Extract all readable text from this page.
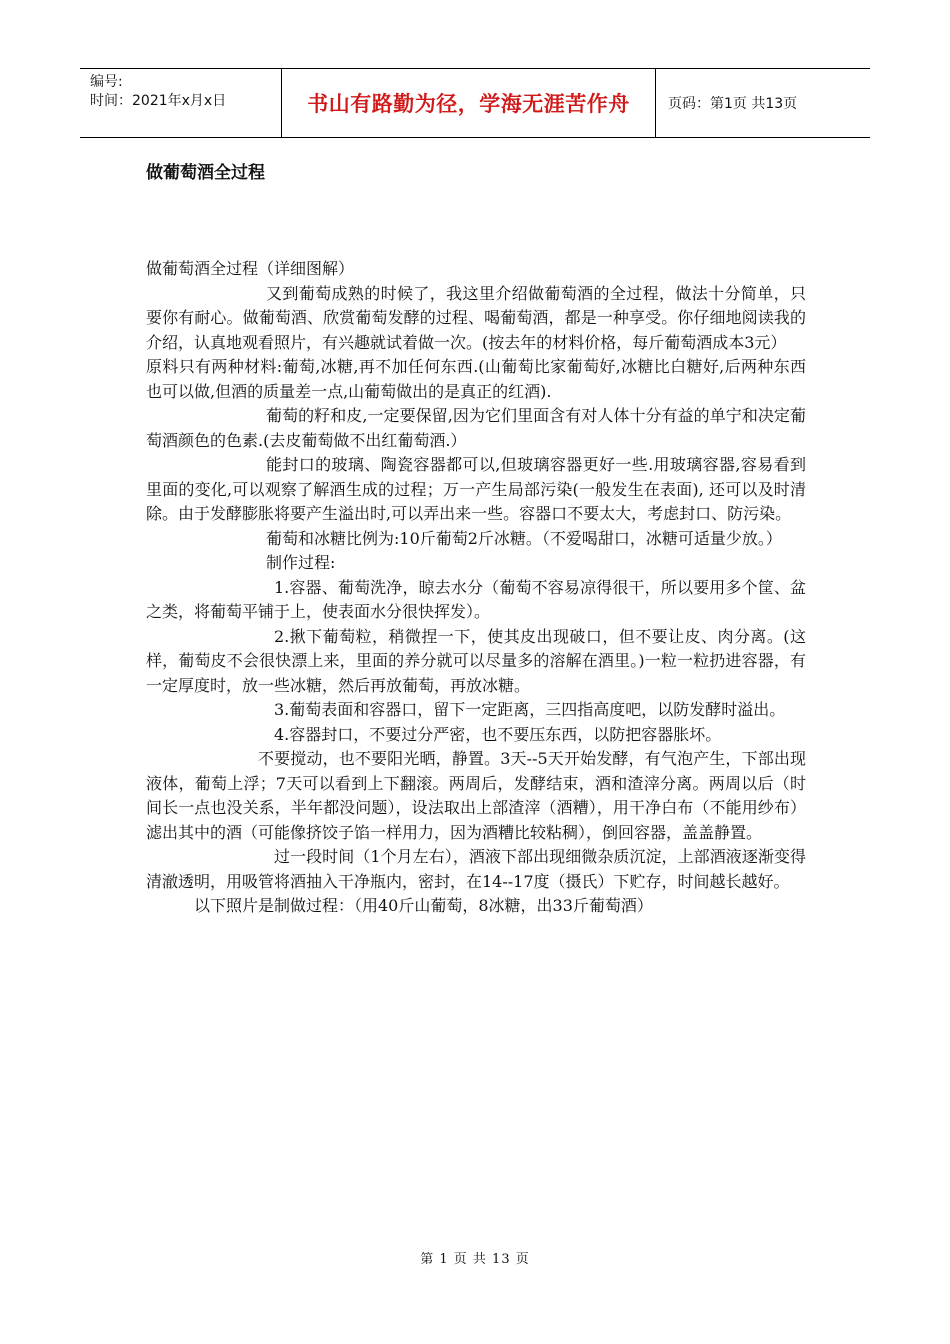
编号:
时间：2021年x月x日	书山有路勤为径，学海无涯苦作舟	页码：第1页 共13页
做葡萄酒全过程

做葡萄酒全过程（详细图解）

又到葡萄成熟的时候了，我这里介绍做葡萄酒的全过程，做法十分简单，只要你有耐心。做葡萄酒、欣赏葡萄发酵的过程、喝葡萄酒，都是一种享受。你仔细地阅读我的介绍，认真地观看照片，有兴趣就试着做一次。(按去年的材料价格，每斤葡萄酒成本3元）

原料只有两种材料:葡萄,冰糖,再不加任何东西.(山葡萄比家葡萄好,冰糖比白糖好,后两种东西也可以做,但酒的质量差一点,山葡萄做出的是真正的红酒).

葡萄的籽和皮,一定要保留,因为它们里面含有对人体十分有益的单宁和决定葡萄酒颜色的色素.(去皮葡萄做不出红葡萄酒.）

能封口的玻璃、陶瓷容器都可以,但玻璃容器更好一些.用玻璃容器,容易看到里面的变化,可以观察了解酒生成的过程；万一产生局部污染(一般发生在表面), 还可以及时清除。由于发酵膨胀将要产生溢出时,可以弄出来一些。容器口不要太大，考虑封口、防污染。

葡萄和冰糖比例为:10斤葡萄2斤冰糖。（不爱喝甜口，冰糖可适量少放。）

制作过程:

1.容器、葡萄洗净，晾去水分（葡萄不容易凉得很干，所以要用多个筐、盆之类，将葡萄平铺于上，使表面水分很快挥发）。

2.揪下葡萄粒，稍微捏一下，使其皮出现破口，但不要让皮、肉分离。(这样，葡萄皮不会很快漂上来，里面的养分就可以尽量多的溶解在酒里。)一粒一粒扔进容器，有一定厚度时，放一些冰糖，然后再放葡萄，再放冰糖。

3.葡萄表面和容器口，留下一定距离，三四指高度吧，以防发酵时溢出。

4.容器封口，不要过分严密，也不要压东西，以防把容器胀坏。

不要搅动，也不要阳光晒，静置。3天--5天开始发酵，有气泡产生，下部出现液体，葡萄上浮；7天可以看到上下翻滚。两周后，发酵结束，酒和渣滓分离。两周以后（时间长一点也没关系，半年都没问题），设法取出上部渣滓（酒糟），用干净白布（不能用纱布）滤出其中的酒（可能像挤饺子馅一样用力，因为酒糟比较粘稠），倒回容器，盖盖静置。

过一段时间（1个月左右），酒液下部出现细微杂质沉淀，上部酒液逐渐变得清澈透明，用吸管将酒抽入干净瓶内，密封，在14--17度（摄氏）下贮存，时间越长越好。

以下照片是制做过程：（用40斤山葡萄，8冰糖，出33斤葡萄酒）

第 1 页 共 13 页
